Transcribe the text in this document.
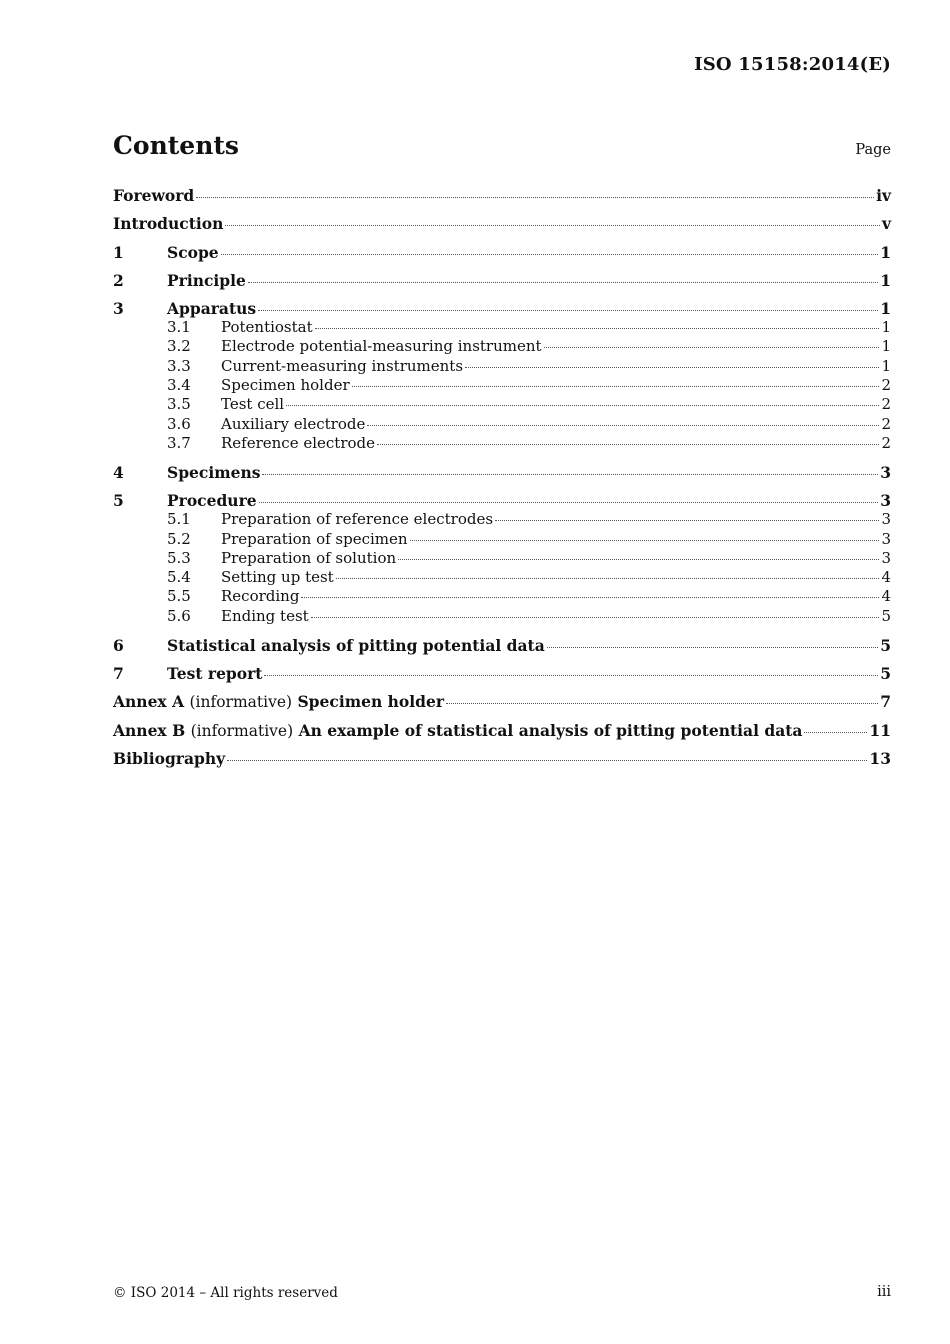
ISO 15158:2014(E)
Contents	Page
Foreword	iv
Introduction	v
1	Scope	1
2	Principle	1
3	Apparatus	1
3.1	Potentiostat	1
3.2	Electrode potential-measuring instrument	1
3.3	Current-measuring instruments	1
3.4	Specimen holder	2
3.5	Test cell	2
3.6	Auxiliary electrode	2
3.7	Reference electrode	2
4	Specimens	3
5	Procedure	3
5.1	Preparation of reference electrodes	3
5.2	Preparation of specimen	3
5.3	Preparation of solution	3
5.4	Setting up test	4
5.5	Recording	4
5.6	Ending test	5
6	Statistical analysis of pitting potential data	5
7	Test report	5
Annex A (informative) Specimen holder	7
Annex B (informative) An example of statistical analysis of pitting potential data	11
Bibliography	13
© ISO 2014 – All rights reserved	iii
